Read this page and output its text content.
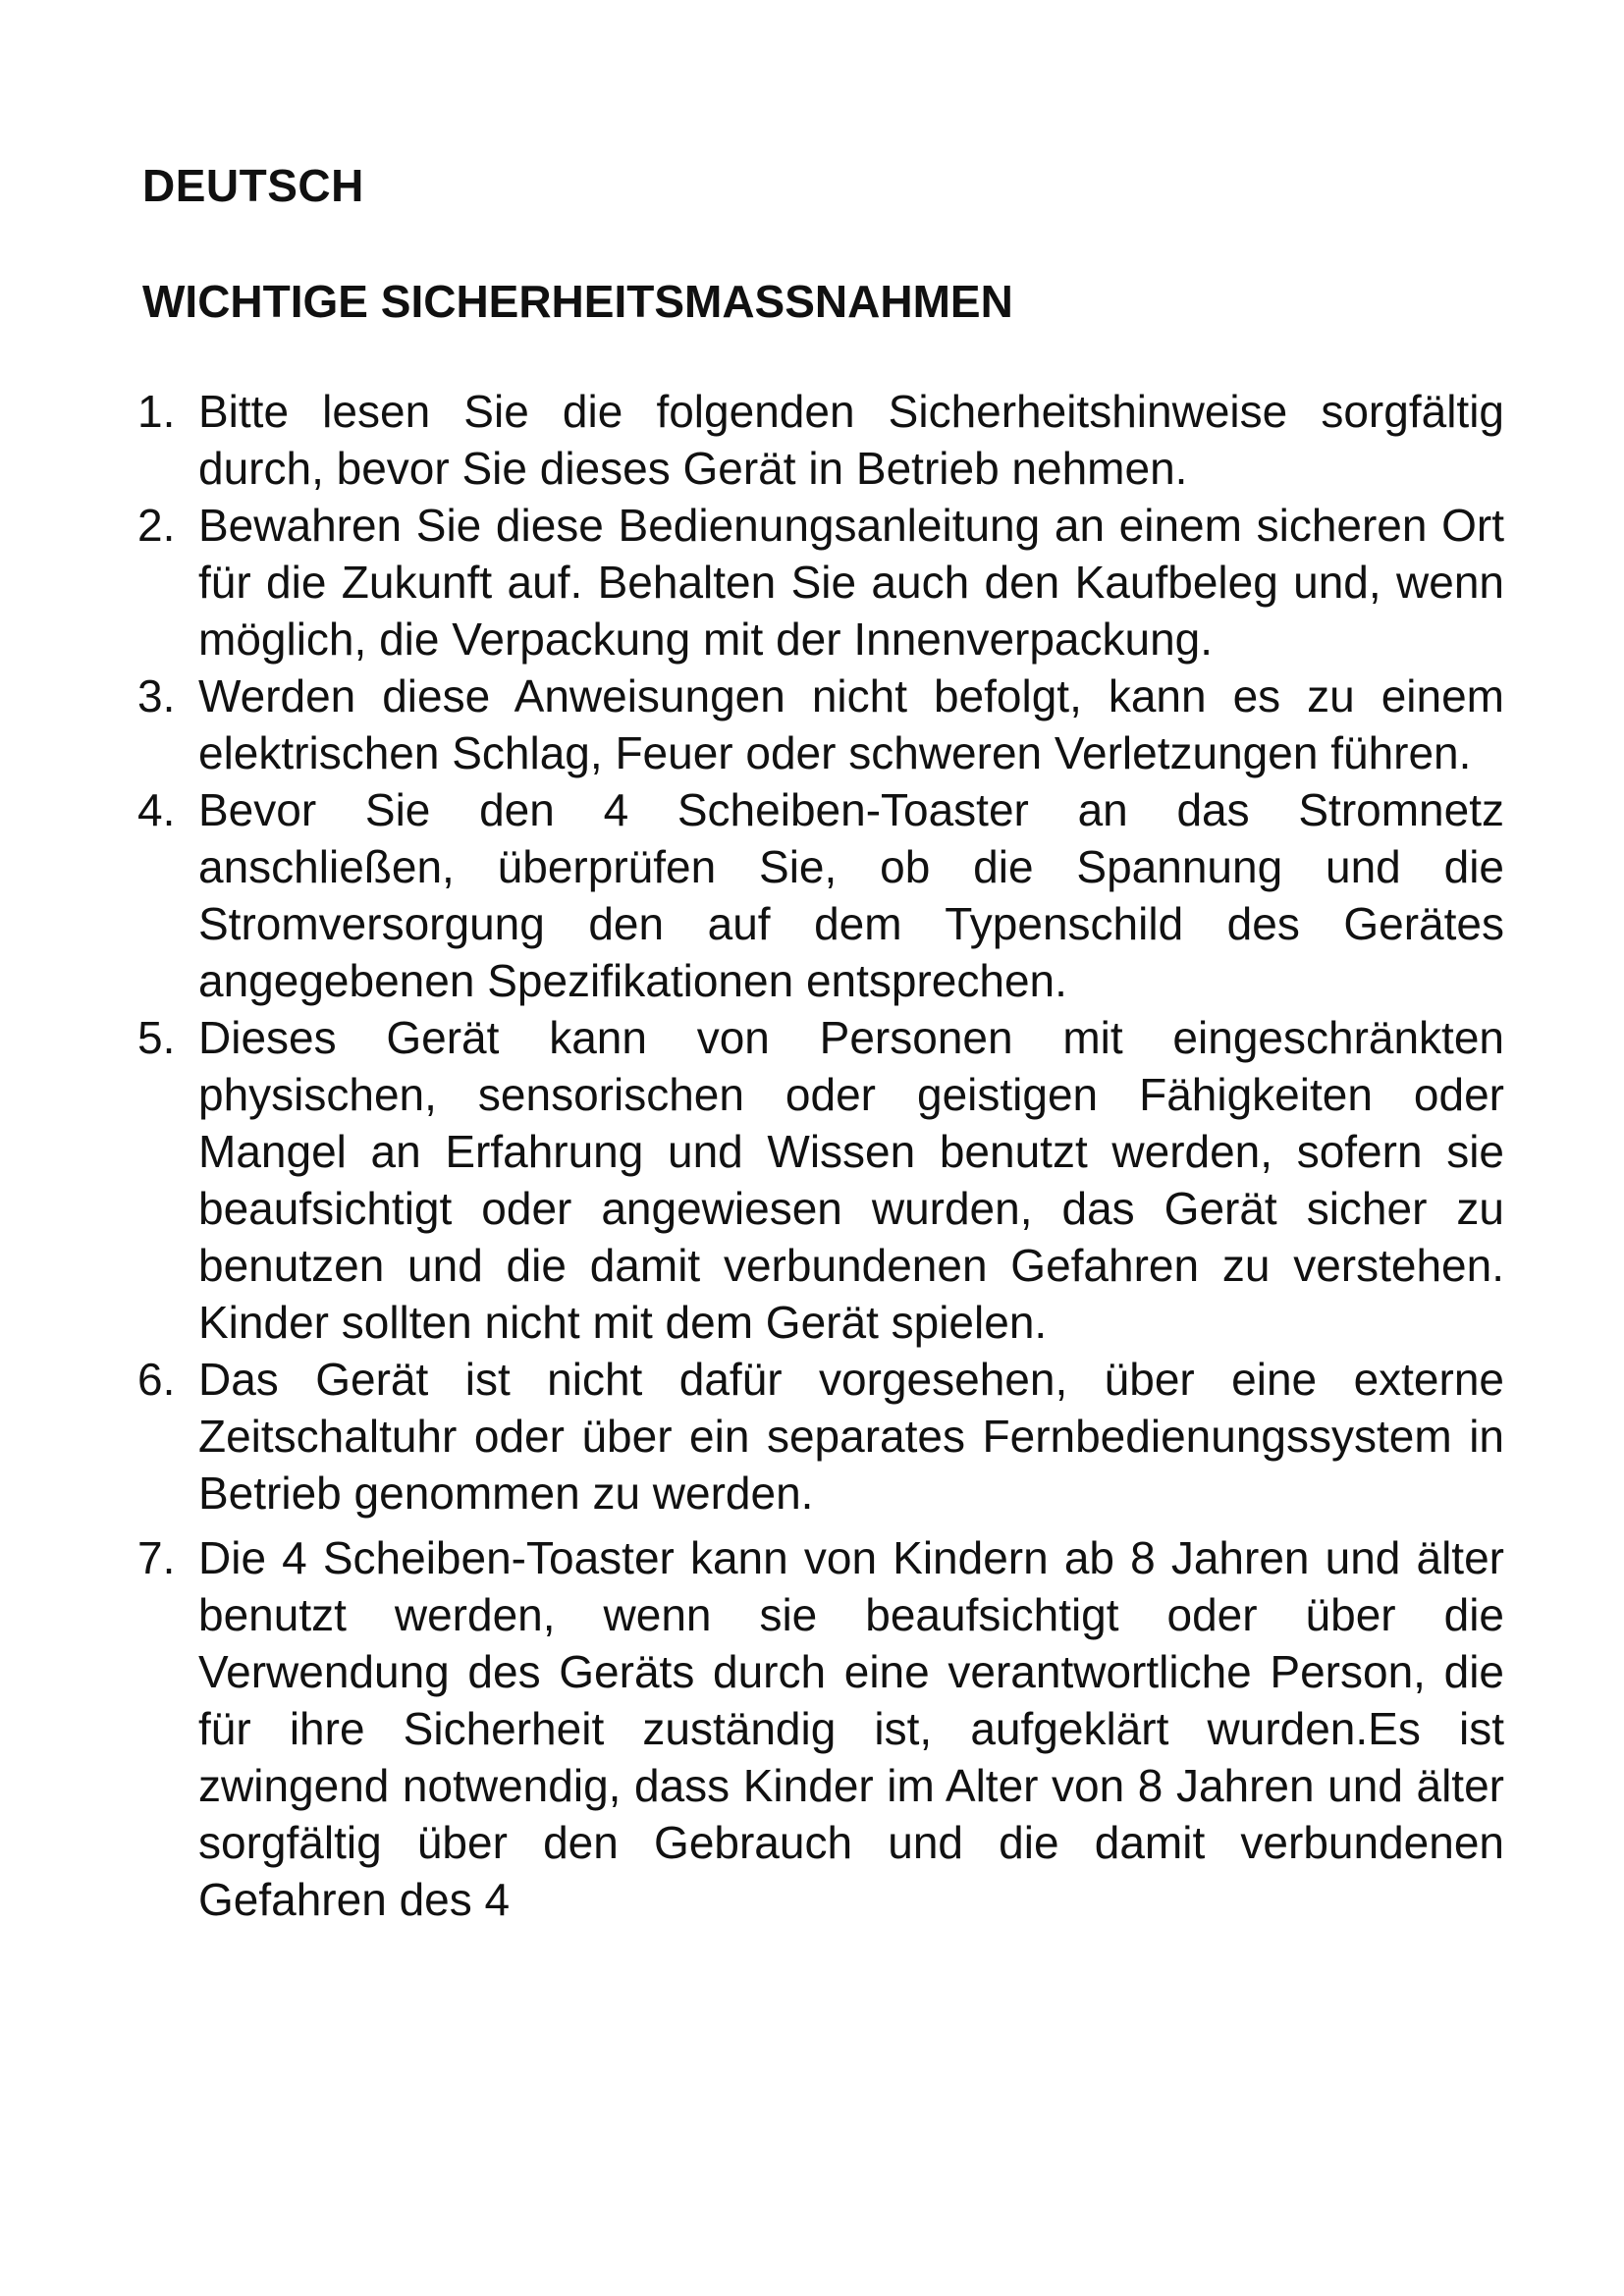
DEUTSCH
WICHTIGE SICHERHEITSMASSNAHMEN
1. Bitte lesen Sie die folgenden Sicherheitshinweise sorgfältig durch, bevor Sie dieses Gerät in Betrieb nehmen.
2. Bewahren Sie diese Bedienungsanleitung an einem sicheren Ort für die Zukunft auf. Behalten Sie auch den Kaufbeleg und, wenn möglich, die Verpackung mit der Innenverpackung.
3. Werden diese Anweisungen nicht befolgt, kann es zu einem elektrischen Schlag, Feuer oder schweren Verletzungen führen.
4. Bevor Sie den 4 Scheiben-Toaster an das Stromnetz anschließen, überprüfen Sie, ob die Spannung und die Stromversorgung den auf dem Typenschild des Gerätes angegebenen Spezifikationen entsprechen.
5. Dieses Gerät kann von Personen mit eingeschränkten physischen, sensorischen oder geistigen Fähigkeiten oder Mangel an Erfahrung und Wissen benutzt werden, sofern sie beaufsichtigt oder angewiesen wurden, das Gerät sicher zu benutzen und die damit verbundenen Gefahren zu verstehen. Kinder sollten nicht mit dem Gerät spielen.
6. Das Gerät ist nicht dafür vorgesehen, über eine externe Zeitschaltuhr oder über ein separates Fernbedienungssystem in Betrieb genommen zu werden.
7. Die 4 Scheiben-Toaster kann von Kindern ab 8 Jahren und älter benutzt werden, wenn sie beaufsichtigt oder über die Verwendung des Geräts durch eine verantwortliche Person, die für ihre Sicherheit zuständig ist, aufgeklärt wurden.Es ist zwingend notwendig, dass Kinder im Alter von 8 Jahren und älter sorgfältig über den Gebrauch und die damit verbundenen Gefahren des 4
